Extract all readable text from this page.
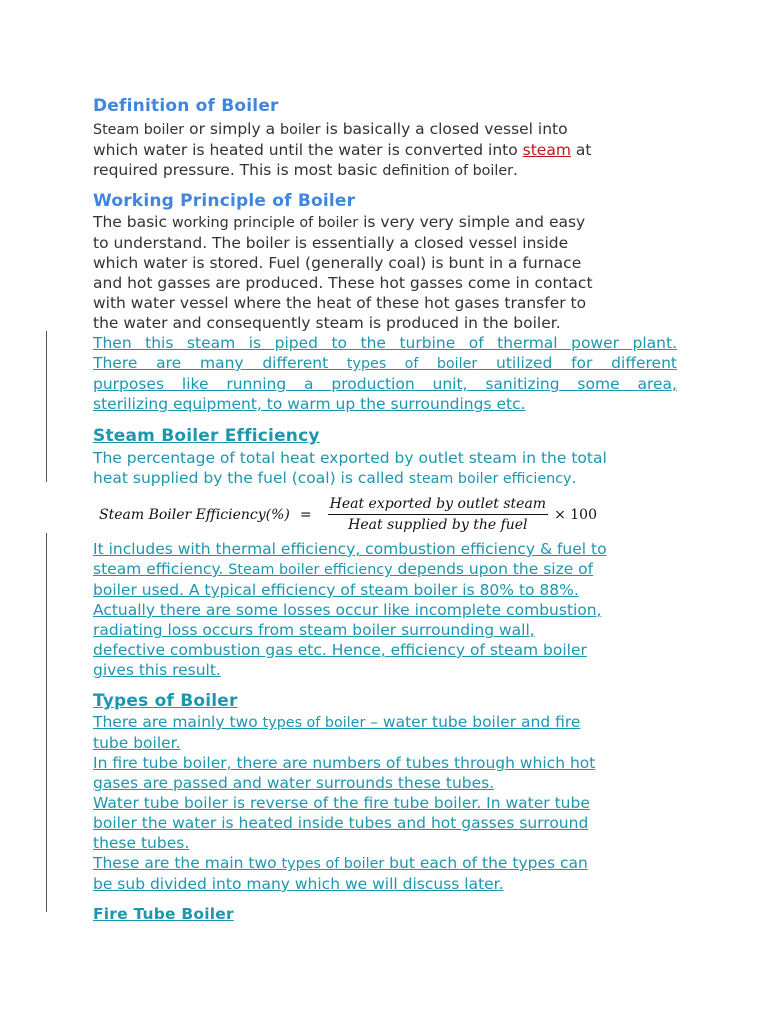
Definition of Boiler
Steam boiler or simply a boiler is basically a closed vessel into
which water is heated until the water is converted into steam at
required pressure. This is most basic definition of boiler.
Working Principle of Boiler
The basic working principle of boiler is very very simple and easy
to understand. The boiler is essentially a closed vessel inside
which water is stored. Fuel (generally coal) is bunt in a furnace
and hot gasses are produced. These hot gasses come in contact
with water vessel where the heat of these hot gases transfer to
the water and consequently steam is produced in the boiler.
Then this steam is piped to the turbine of thermal power plant.
There are many different types of boiler utilized for different
purposes like running a production unit, sanitizing some area,
sterilizing equipment, to warm up the surroundings etc.
Steam Boiler Efficiency
The percentage of total heat exported by outlet steam in the total
heat supplied by the fuel (coal) is called steam boiler efficiency.
Steam Boiler Efficiency(%) = $\frac{\text{Heat exported by outlet steam}}{\text{Heat supplied by the fuel}} \times 100$
It includes with thermal efficiency, combustion efficiency & fuel to
steam efficiency. Steam boiler efficiency depends upon the size of
boiler used. A typical efficiency of steam boiler is 80% to 88%.
Actually there are some losses occur like incomplete combustion,
radiating loss occurs from steam boiler surrounding wall,
defective combustion gas etc. Hence, efficiency of steam boiler
gives this result.
Types of Boiler
There are mainly two types of boiler – water tube boiler and fire
tube boiler.
In fire tube boiler, there are numbers of tubes through which hot
gases are passed and water surrounds these tubes.
Water tube boiler is reverse of the fire tube boiler. In water tube
boiler the water is heated inside tubes and hot gasses surround
these tubes.
These are the main two types of boiler but each of the types can
be sub divided into many which we will discuss later.
Fire Tube Boiler
